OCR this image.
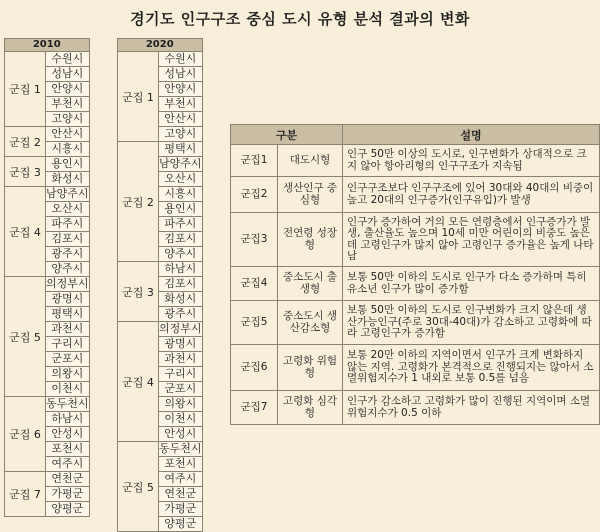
경기도 인구구조 중심 도시 유형 분석 결과의 변화
2010	
군집 1	수원시
	성남시
	안양시
	부천시
	고양시
군집 2	안산시
	시흥시
군집 3	용인시
	화성시
군집 4	남양주시
	오산시
	파주시
	김포시
	광주시
	양주시
군집 5	의정부시
	광명시
	평택시
	과천시
	구리시
	군포시
	의왕시
	이천시
군집 6	동두천시
	하남시
	안성시
	포천시
	여주시
군집 7	연천군
	가평군
	양평군
2020	
군집 1	수원시
	성남시
	안양시
	부천시
	안산시
	고양시
군집 2	평택시
	남양주시
	오산시
	시흥시
	용인시
	파주시
	김포시
	양주시
군집 3	하남시
	김포시
	화성시
	광주시
군집 4	의정부시
	광명시
	과천시
	구리시
	군포시
	의왕시
	이천시
	안성시
군집 5	동두천시
	포천시
	여주시
	연천군
	가평군
	양평군
구분		설명
군집1	대도시형	인구 50만 이상의 도시로, 인구변화가 상대적으로 크지 않아 항아리형의 인구구조가 지속됨
군집2	생산인구 중심형	인구구조보다 인구구조에 있어 30대와 40대의 비중이 높고 20대의 인구증가(인구유입)가 발생
군집3	전연령 성장형	인구가 증가하여 거의 모든 연령층에서 인구증가가 발생, 출산율도 높으며 10세 미만 어린이의 비중도 높은데 고령인구가 많지 않아 고령인구 증가율은 높게 나타남
군집4	중소도시 출생형	보통 50만 이하의 도시로 인구가 다소 증가하며 특히 유소년 인구가 많이 증가함
군집5	중소도시 생산감소형	보통 50만 이하의 도시로 인구변화가 크지 않은데 생산가능인구(주로 30대-40대)가 감소하고 고령화에 따라 고령인구가 증가함
군집6	고령화 위험형	보통 20만 이하의 지역이면서 인구가 크게 변화하지 않는 지역. 고령화가 본격적으로 진행되지는 않아서 소멸위험지수가 1 내외로 보통 0.5를 넘음
군집7	고령화 심각형	인구가 감소하고 고령화가 많이 진행된 지역이며 소멸위험지수가 0.5 이하
